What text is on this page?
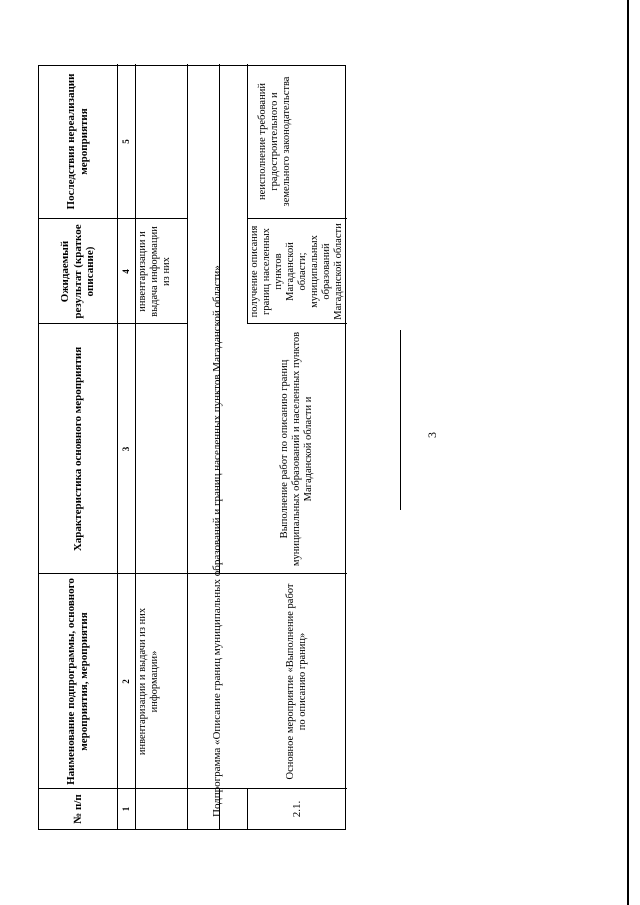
3
№ п/п
Наименование подпрограммы, основного мероприятия, мероприятия
Характеристика основного мероприятия
Ожидаемый результат (краткое описание)
Последствия нереализации мероприятия
1
2
3
4
5
инвентаризации и выдачи из них информации»
инвентаризации и выдача информации из них	Подпрограмма «Описание границ муниципальных образований и границ населенных пунктов Магаданской области»	2.1.
Основное мероприятие «Выполнение работ по описанию границ»
Выполнение работ по описанию границ муниципальных образований и населенных пунктов Магаданской области и
получение описания границ населенных пунктов Магаданской области; муниципальных образований Магаданской области
неисполнение требований градостроительного и земельного законодательства
